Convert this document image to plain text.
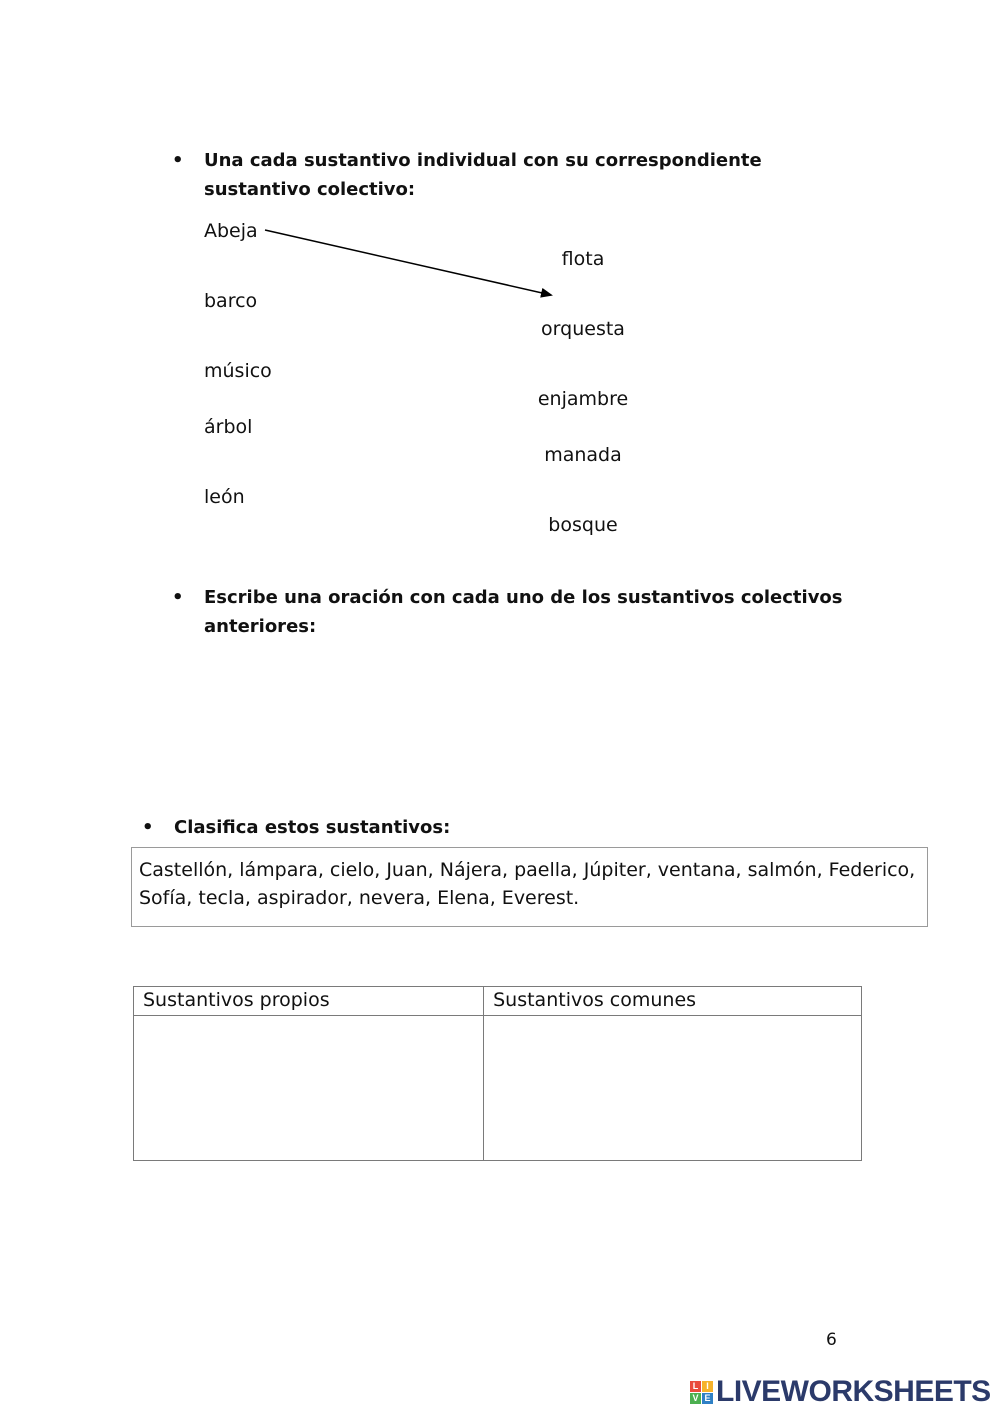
• Una cada sustantivo individual con su correspondiente sustantivo colectivo:
Abeja
barco
músico
árbol
león
flota
orquesta
enjambre
manada
bosque
• Escribe una oración con cada uno de los sustantivos colectivos anteriores:
• Clasifica estos sustantivos:
Castellón, lámpara, cielo, Juan, Nájera, paella, Júpiter, ventana, salmón, Federico, Sofía, tecla, aspirador, nevera, Elena, Everest.
Sustantivos propios	Sustantivos comunes

6
L I
V E LIVEWORKSHEETS
